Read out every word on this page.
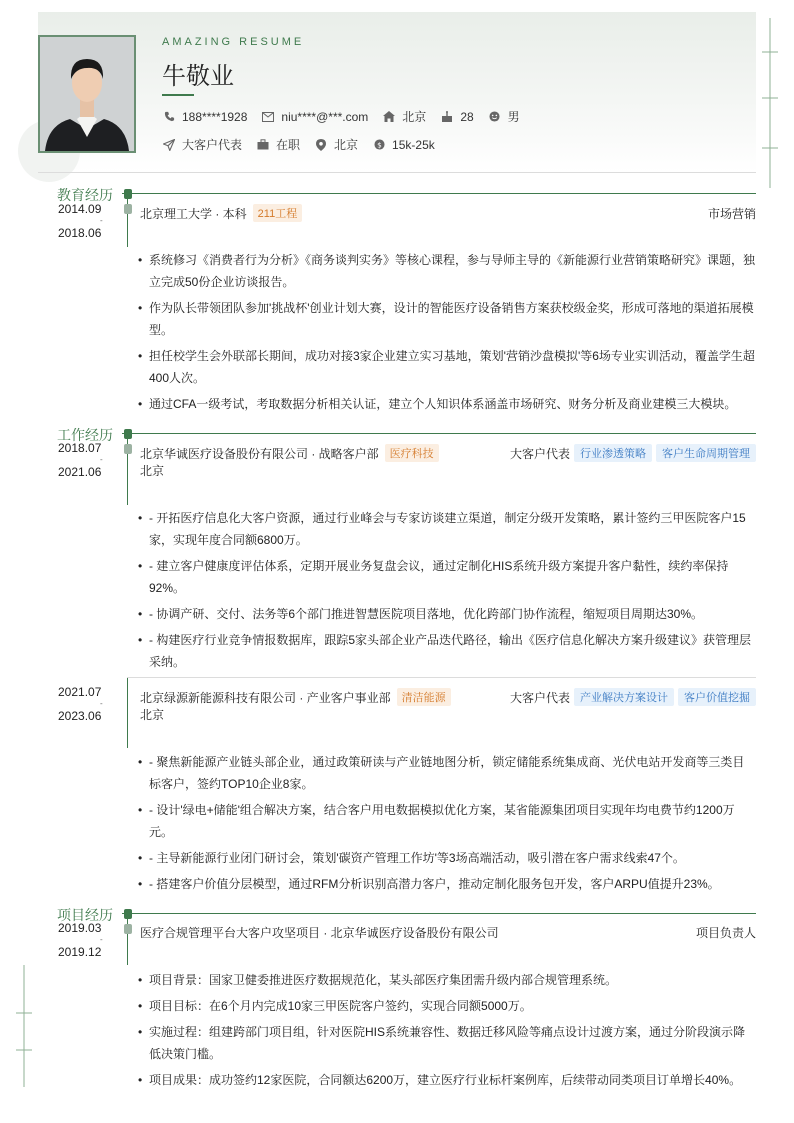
AMAZING RESUME
牛敬业
188****1928	niu****@***.com	北京	28	男
大客户代表	在职	北京 $ 15k-25k
教育经历
2014.09
-
2018.06
北京理工大学 · 本科	211工程	市场营销
• 系统修习《消费者行为分析》《商务谈判实务》等核心课程，参与导师主导的《新能源行业营销策略研究》课题，独立完成50份企业访谈报告。
• 作为队长带领团队参加'挑战杯'创业计划大赛，设计的智能医疗设备销售方案获校级金奖，形成可落地的渠道拓展模型。
• 担任校学生会外联部长期间，成功对接3家企业建立实习基地，策划'营销沙盘模拟'等6场专业实训活动，覆盖学生超400人次。
• 通过CFA一级考试，考取数据分析相关认证，建立个人知识体系涵盖市场研究、财务分析及商业建模三大模块。
工作经历
2018.07
-
2021.06
北京华诚医疗设备股份有限公司 · 战略客户部	医疗科技	大客户代表 行业渗透策略	客户生命周期管理
北京
• - 开拓医疗信息化大客户资源，通过行业峰会与专家访谈建立渠道，制定分级开发策略，累计签约三甲医院客户15家，实现年度合同额6800万。
• - 建立客户健康度评估体系，定期开展业务复盘会议，通过定制化HIS系统升级方案提升客户黏性，续约率保持92%。
• - 协调产研、交付、法务等6个部门推进智慧医院项目落地，优化跨部门协作流程，缩短项目周期达30%。
• - 构建医疗行业竞争情报数据库，跟踪5家头部企业产品迭代路径，输出《医疗信息化解决方案升级建议》获管理层采纳。
2021.07
-
2023.06
北京绿源新能源科技有限公司 · 产业客户事业部	清洁能源	大客户代表 产业解决方案设计	客户价值挖掘
北京
• - 聚焦新能源产业链头部企业，通过政策研读与产业链地图分析，锁定储能系统集成商、光伏电站开发商等三类目标客户，签约TOP10企业8家。
• - 设计'绿电+储能'组合解决方案，结合客户用电数据模拟优化方案，某省能源集团项目实现年均电费节约1200万元。
• - 主导新能源行业闭门研讨会，策划'碳资产管理工作坊'等3场高端活动，吸引潜在客户需求线索47个。
• - 搭建客户价值分层模型，通过RFM分析识别高潜力客户，推动定制化服务包开发，客户ARPU值提升23%。
项目经历
2019.03
-
2019.12
医疗合规管理平台大客户攻坚项目 · 北京华诚医疗设备股份有限公司	项目负责人
• 项目背景：国家卫健委推进医疗数据规范化，某头部医疗集团需升级内部合规管理系统。
• 项目目标：在6个月内完成10家三甲医院客户签约，实现合同额5000万。
• 实施过程：组建跨部门项目组，针对医院HIS系统兼容性、数据迁移风险等痛点设计过渡方案，通过分阶段演示降低决策门槛。
• 项目成果：成功签约12家医院，合同额达6200万，建立医疗行业标杆案例库，后续带动同类项目订单增长40%。
